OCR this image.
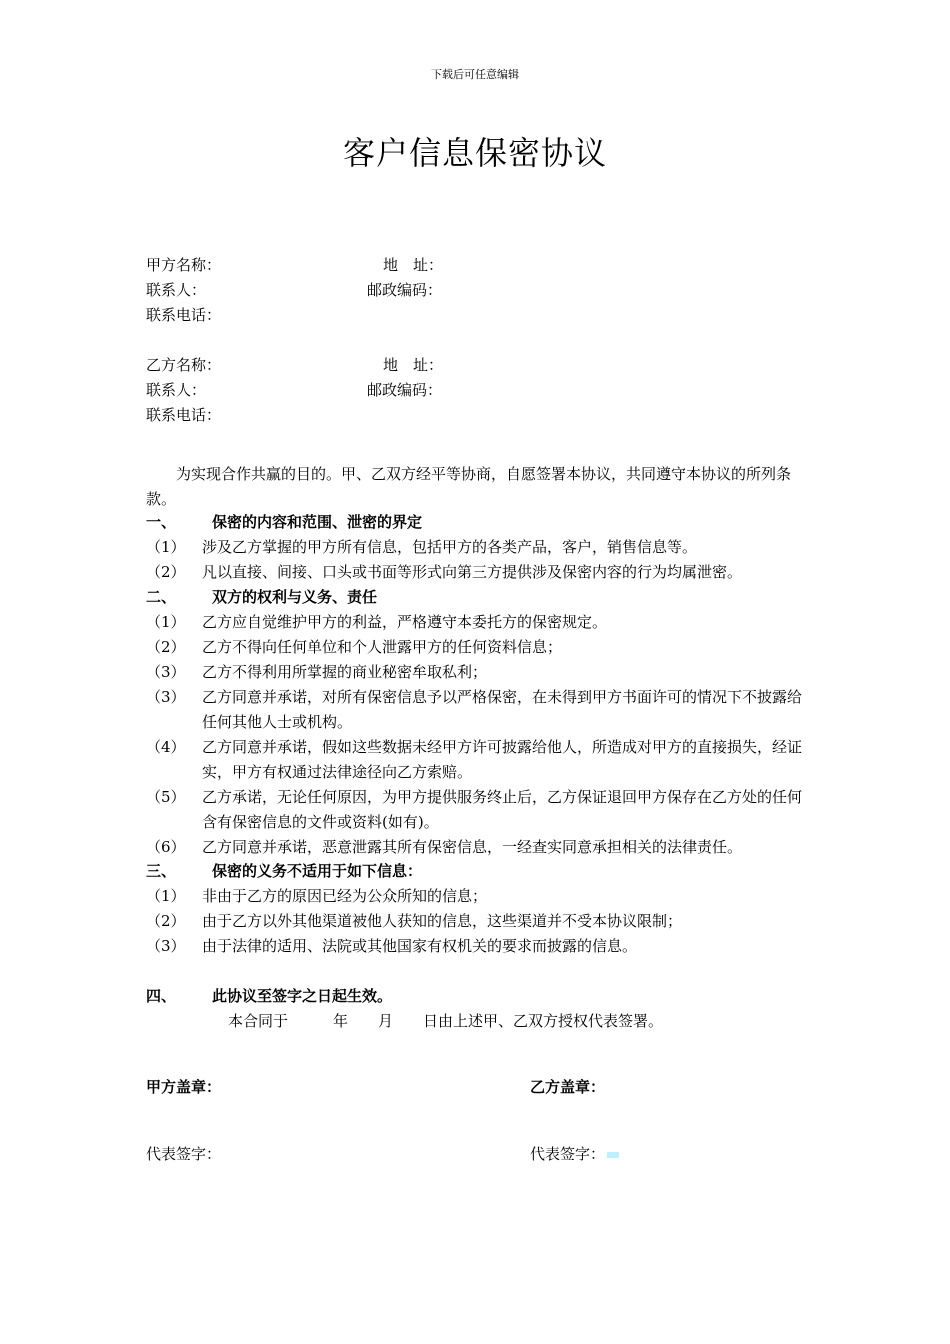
下载后可任意编辑
客户信息保密协议
甲方名称：	地　址：
联系人：	邮政编码：
联系电话：
乙方名称：	地　址：
联系人：	邮政编码：
联系电话：
为实现合作共赢的目的。甲、乙双方经平等协商，自愿签署本协议，共同遵守本协议的所列条款。
一、 保密的内容和范围、泄密的界定
（1） 涉及乙方掌握的甲方所有信息，包括甲方的各类产品，客户，销售信息等。
（2） 凡以直接、间接、口头或书面等形式向第三方提供涉及保密内容的行为均属泄密。
二、 双方的权利与义务、责任
（1） 乙方应自觉维护甲方的利益，严格遵守本委托方的保密规定。
（2） 乙方不得向任何单位和个人泄露甲方的任何资料信息；
（3） 乙方不得利用所掌握的商业秘密牟取私利；
（3） 乙方同意并承诺，对所有保密信息予以严格保密，在未得到甲方书面许可的情况下不披露给任何其他人士或机构。
（4） 乙方同意并承诺，假如这些数据未经甲方许可披露给他人，所造成对甲方的直接损失，经证实，甲方有权通过法律途径向乙方索赔。
（5） 乙方承诺，无论任何原因，为甲方提供服务终止后，乙方保证退回甲方保存在乙方处的任何含有保密信息的文件或资料(如有)。
（6） 乙方同意并承诺，恶意泄露其所有保密信息，一经查实同意承担相关的法律责任。
三、 保密的义务不适用于如下信息：
（1） 非由于乙方的原因已经为公众所知的信息；
（2） 由于乙方以外其他渠道被他人获知的信息，这些渠道并不受本协议限制；
（3） 由于法律的适用、法院或其他国家有权机关的要求而披露的信息。
四、 此协议至签字之日起生效。
本合同于　　　年　　月　　日由上述甲、乙双方授权代表签署。
甲方盖章：	乙方盖章：
代表签字：	代表签字：
